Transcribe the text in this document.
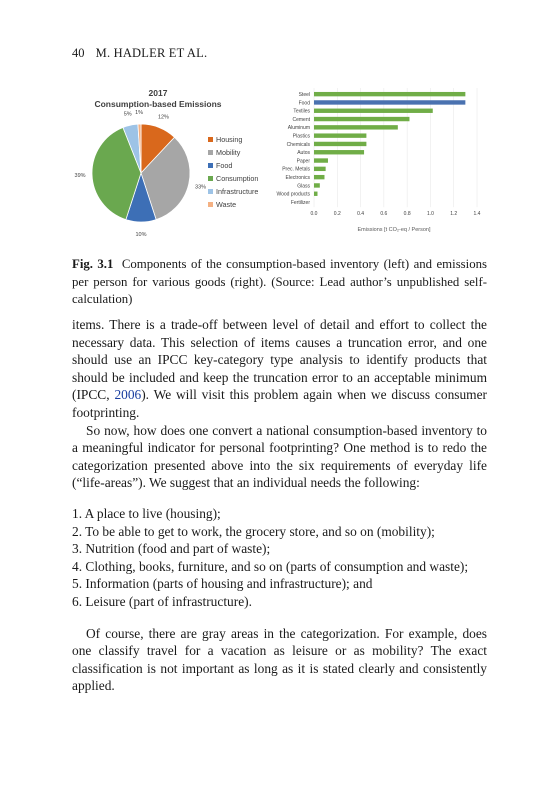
40 M. HADLER ET AL.
2017
Consumption-based Emissions
12%
33%
10%
39%
5% 1%
Housing
Mobility
Food
Consumption
Infrastructure
Waste
Steel
Food
Textiles
Cement
Aluminum
Plastics
Chemicals
Autos
Paper
Prec. Metals
Electronics
Glass
Wood products
Fertilizer
0.0	0.2	0.4	0.6	0.8	1.0	1.2	1.4
Emissions [t CO₂-eq / Person]
Fig. 3.1 Components of the consumption-based inventory (left) and emissions per person for various goods (right). (Source: Lead author’s unpublished self-calculation)

items. There is a trade-off between level of detail and effort to collect the necessary data. This selection of items causes a truncation error, and one should use an IPCC key-category type analysis to identify products that should be included and keep the truncation error to an acceptable minimum (IPCC, 2006). We will visit this problem again when we discuss consumer footprinting.

So now, how does one convert a national consumption-based inventory to a meaningful indicator for personal footprinting? One method is to redo the categorization presented above into the six requirements of everyday life (“life-areas”). We suggest that an individual needs the following:

1. A place to live (housing);
2. To be able to get to work, the grocery store, and so on (mobility);
3. Nutrition (food and part of waste);
4. Clothing, books, furniture, and so on (parts of consumption and waste);
5. Information (parts of housing and infrastructure); and
6. Leisure (part of infrastructure).

Of course, there are gray areas in the categorization. For example, does one classify travel for a vacation as leisure or as mobility? The exact classification is not important as long as it is stated clearly and consistently applied.
